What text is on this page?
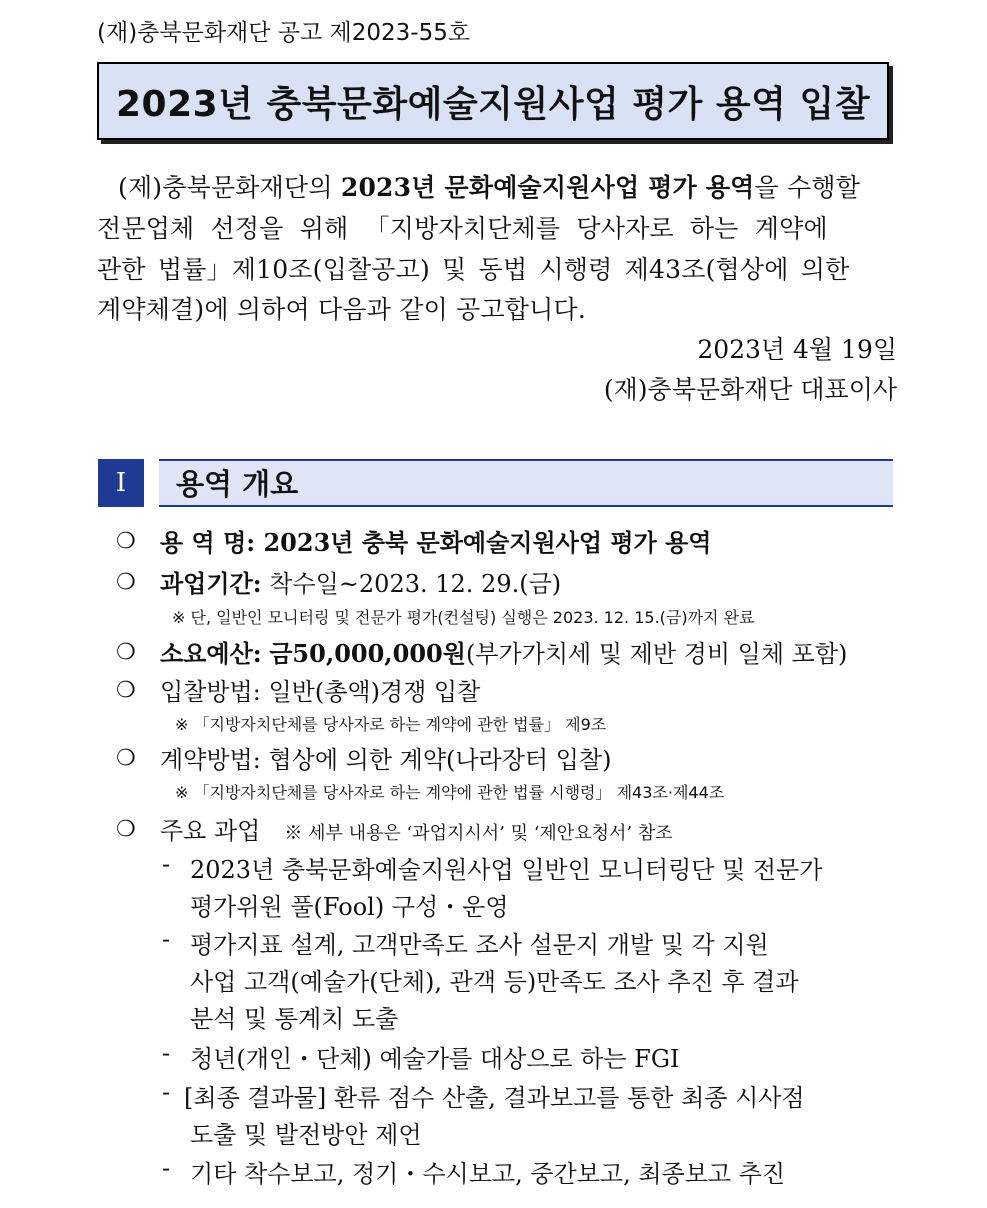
(재)충북문화재단 공고 제2023-55호
2023년 충북문화예술지원사업 평가 용역 입찰
(제)충북문화재단의 2023년 문화예술지원사업 평가 용역을 수행할
전문업체 선정을 위해 「지방자치단체를 당사자로 하는 계약에
관한 법률」제10조(입찰공고) 및 동법 시행령 제43조(협상에 의한
계약체결)에 의하여 다음과 같이 공고합니다.
2023년 4월 19일
(재)충북문화재단 대표이사
I	용역 개요
❍ 용 역 명: 2023년 충북 문화예술지원사업 평가 용역
❍ 과업기간: 착수일~2023. 12. 29.(금)
※ 단, 일반인 모니터링 및 전문가 평가(컨설팅) 실행은 2023. 12. 15.(금)까지 완료
❍ 소요예산: 금50,000,000원(부가가치세 및 제반 경비 일체 포함)
❍ 입찰방법: 일반(총액)경쟁 입찰
※ 「지방자치단체를 당사자로 하는 계약에 관한 법률」 제9조
❍ 계약방법: 협상에 의한 계약(나라장터 입찰)
※ 「지방자치단체를 당사자로 하는 계약에 관한 법률 시행령」 제43조·제44조
❍ 주요 과업 ※ 세부 내용은 ‘과업지시서’ 및 ‘제안요청서’ 참조
- 2023년 충북문화예술지원사업 일반인 모니터링단 및 전문가
평가위원 풀(Fool) 구성・운영
- 평가지표 설계, 고객만족도 조사 설문지 개발 및 각 지원
사업 고객(예술가(단체), 관객 등)만족도 조사 추진 후 결과
분석 및 통계치 도출
- 청년(개인・단체) 예술가를 대상으로 하는 FGI
- [최종 결과물] 환류 점수 산출, 결과보고를 통한 최종 시사점
도출 및 발전방안 제언
- 기타 착수보고, 정기・수시보고, 중간보고, 최종보고 추진
